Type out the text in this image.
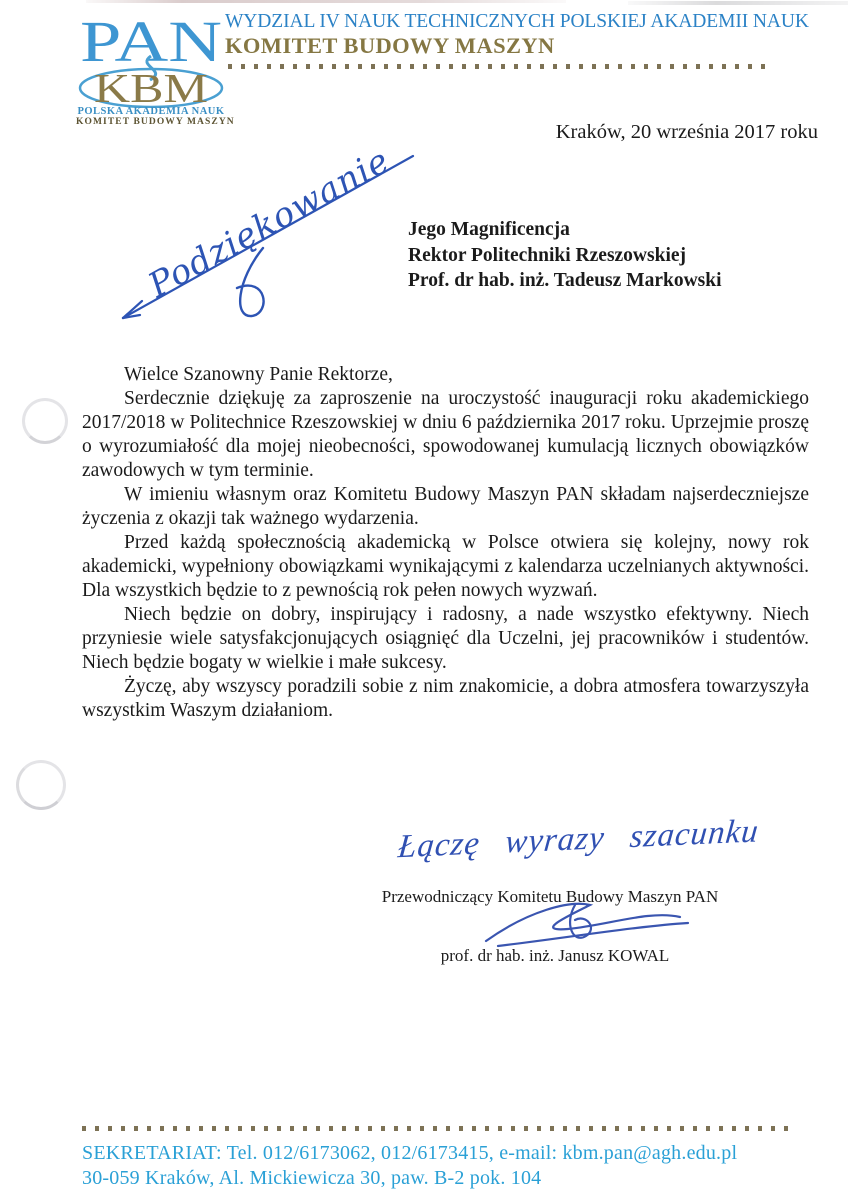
PAN
KBM
POLSKA AKADEMIA NAUK
KOMITET BUDOWY MASZYN
WYDZIAL IV NAUK TECHNICZNYCH POLSKIEJ AKADEMII NAUK
KOMITET BUDOWY MASZYN
Kraków, 20 września 2017 roku
Podziękowanie Jego Magnificencja
Rektor Politechniki Rzeszowskiej
Prof. dr hab. inż. Tadeusz Markowski

Wielce Szanowny Panie Rektorze,

Serdecznie dziękuję za zaproszenie na uroczystość inauguracji roku akademickiego 2017/2018 w Politechnice Rzeszowskiej w dniu 6 października 2017 roku. Uprzejmie proszę o wyrozumiałość dla mojej nieobecności, spowodowanej kumulacją licznych obowiązków zawodowych w tym terminie.

W imieniu własnym oraz Komitetu Budowy Maszyn PAN składam najserdeczniejsze życzenia z okazji tak ważnego wydarzenia.

Przed każdą społecznością akademicką w Polsce otwiera się kolejny, nowy rok akademicki, wypełniony obowiązkami wynikającymi z kalendarza uczelnianych aktywności. Dla wszystkich będzie to z pewnością rok pełen nowych wyzwań.

Niech będzie on dobry, inspirujący i radosny, a nade wszystko efektywny. Niech przyniesie wiele satysfakcjonujących osiągnięć dla Uczelni, jej pracowników i studentów. Niech będzie bogaty w wielkie i małe sukcesy.

Życzę, aby wszyscy poradzili sobie z nim znakomicie, a dobra atmosfera towarzyszyła wszystkim Waszym działaniom.

Łączę wyrazy szacunku
Przewodniczący Komitetu Budowy Maszyn PAN
prof. dr hab. inż. Janusz KOWAL
SEKRETARIAT: Tel. 012/6173062, 012/6173415, e-mail: kbm.pan@agh.edu.pl
30-059 Kraków, Al. Mickiewicza 30, paw. B-2 pok. 104
